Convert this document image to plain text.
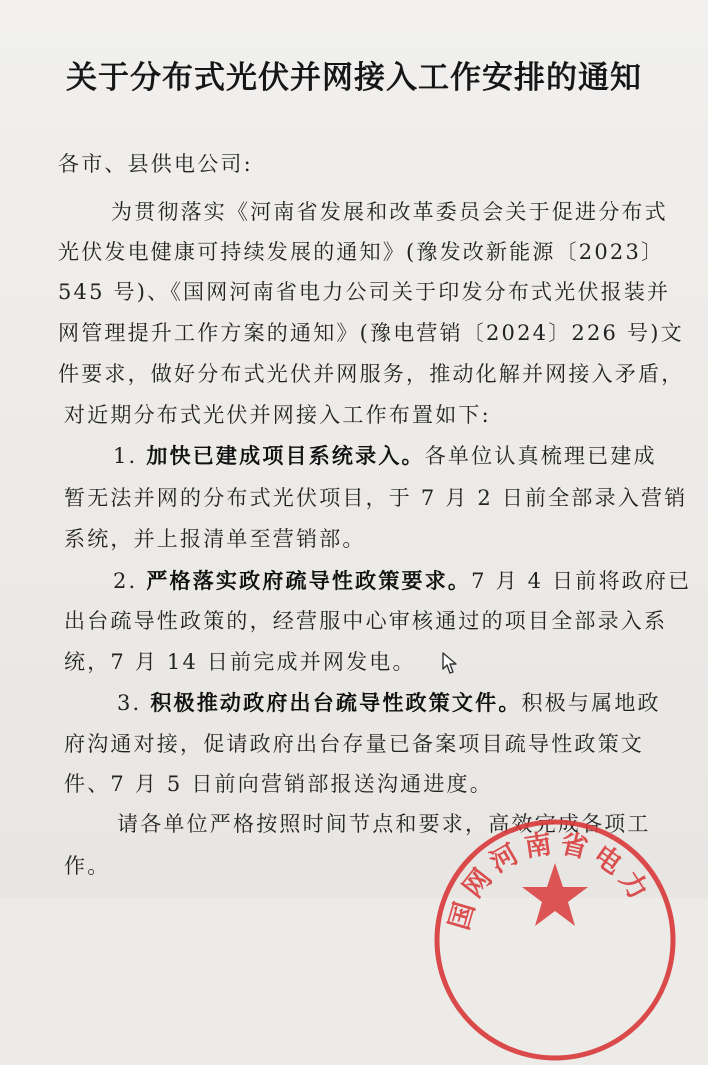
关于分布式光伏并网接入工作安排的通知
各市、县供电公司:
为贯彻落实《河南省发展和改革委员会关于促进分布式
光伏发电健康可持续发展的通知》(豫发改新能源〔2023〕
545 号)、《国网河南省电力公司关于印发分布式光伏报装并
网管理提升工作方案的通知》(豫电营销〔2024〕226 号)文
件要求，做好分布式光伏并网服务，推动化解并网接入矛盾，
对近期分布式光伏并网接入工作布置如下:
1. 加快已建成项目系统录入。各单位认真梳理已建成
暂无法并网的分布式光伏项目，于 7 月 2 日前全部录入营销
系统，并上报清单至营销部。
2. 严格落实政府疏导性政策要求。7 月 4 日前将政府已
出台疏导性政策的，经营服中心审核通过的项目全部录入系
统，7 月 14 日前完成并网发电。
3. 积极推动政府出台疏导性政策文件。积极与属地政
府沟通对接，促请政府出台存量已备案项目疏导性政策文
件、7 月 5 日前向营销部报送沟通进度。
请各单位严格按照时间节点和要求，高效完成各项工
作。
国网河南省电力
